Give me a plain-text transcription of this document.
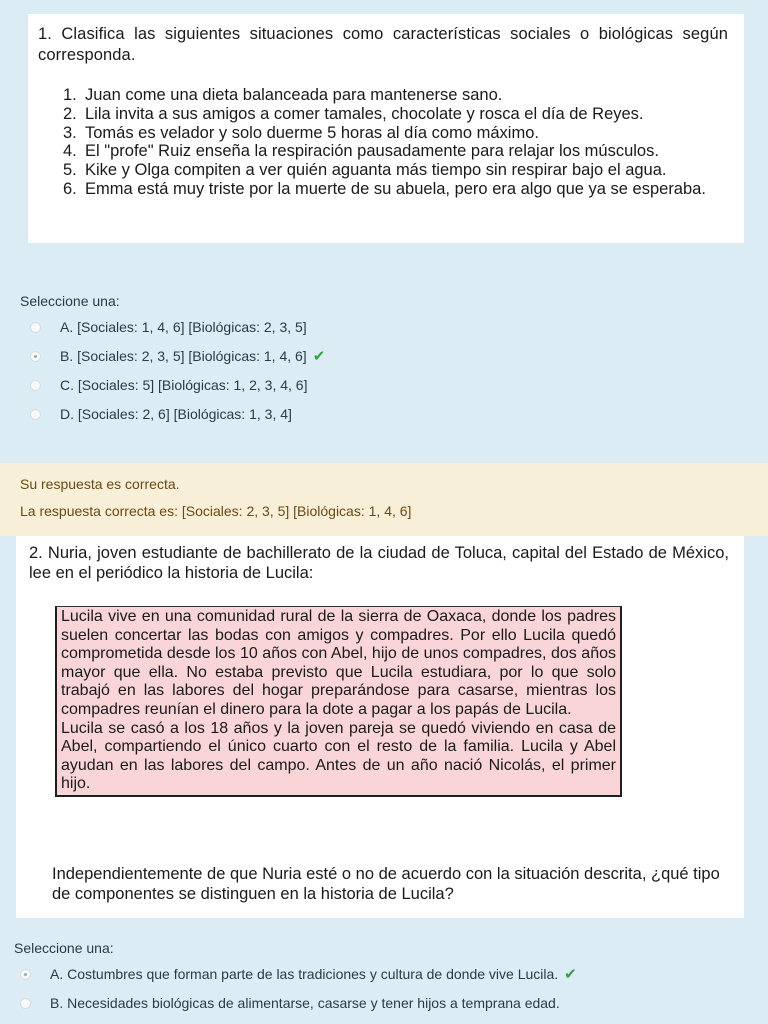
1. Clasifica las siguientes situaciones como características sociales o biológicas según corresponda.
1. Juan come una dieta balanceada para mantenerse sano.
2. Lila invita a sus amigos a comer tamales, chocolate y rosca el día de Reyes.
3. Tomás es velador y solo duerme 5 horas al día como máximo.
4. El "profe" Ruiz enseña la respiración pausadamente para relajar los músculos.
5. Kike y Olga compiten a ver quién aguanta más tiempo sin respirar bajo el agua.
6. Emma está muy triste por la muerte de su abuela, pero era algo que ya se esperaba.
Seleccione una:
A. [Sociales: 1, 4, 6] [Biológicas: 2, 3, 5]
B. [Sociales: 2, 3, 5] [Biológicas: 1, 4, 6] ✔
C. [Sociales: 5] [Biológicas: 1, 2, 3, 4, 6]
D. [Sociales: 2, 6] [Biológicas: 1, 3, 4]
Su respuesta es correcta.
La respuesta correcta es: [Sociales: 2, 3, 5] [Biológicas: 1, 4, 6]
2. Nuria, joven estudiante de bachillerato de la ciudad de Toluca, capital del Estado de México, lee en el periódico la historia de Lucila:

Lucila vive en una comunidad rural de la sierra de Oaxaca, donde los padres suelen concertar las bodas con amigos y compadres. Por ello Lucila quedó comprometida desde los 10 años con Abel, hijo de unos compadres, dos años mayor que ella. No estaba previsto que Lucila estudiara, por lo que solo trabajó en las labores del hogar preparándose para casarse, mientras los compadres reunían el dinero para la dote a pagar a los papás de Lucila.

Lucila se casó a los 18 años y la joven pareja se quedó viviendo en casa de Abel, compartiendo el único cuarto con el resto de la familia. Lucila y Abel ayudan en las labores del campo. Antes de un año nació Nicolás, el primer hijo.

Independientemente de que Nuria esté o no de acuerdo con la situación descrita, ¿qué tipo de componentes se distinguen en la historia de Lucila?
Seleccione una:
A. Costumbres que forman parte de las tradiciones y cultura de donde vive Lucila. ✔
B. Necesidades biológicas de alimentarse, casarse y tener hijos a temprana edad.
